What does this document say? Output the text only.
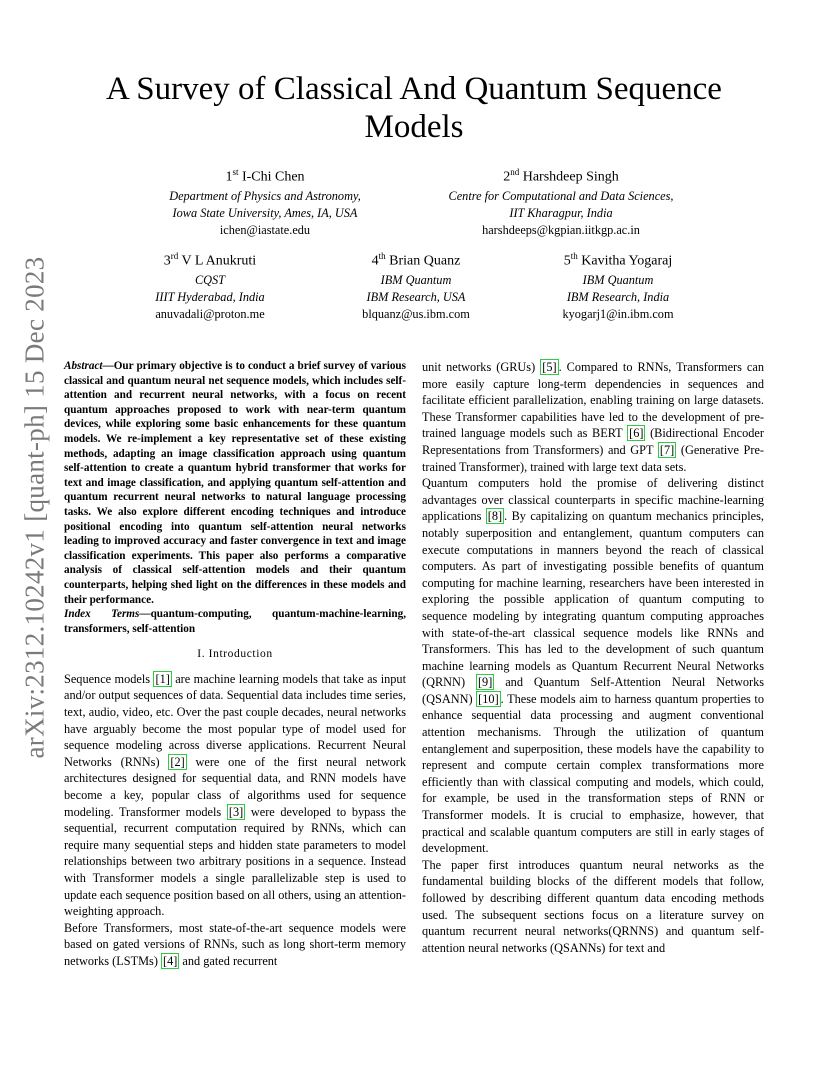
arXiv:2312.10242v1 [quant-ph] 15 Dec 2023
A Survey of Classical And Quantum Sequence Models
1st I-Chi Chen
Department of Physics and Astronomy,
Iowa State University, Ames, IA, USA
ichen@iastate.edu
2nd Harshdeep Singh
Centre for Computational and Data Sciences,
IIT Kharagpur, India
harshdeeps@kgpian.iitkgp.ac.in
3rd V L Anukruti
CQST
IIIT Hyderabad, India
anuvadali@proton.me
4th Brian Quanz
IBM Quantum
IBM Research, USA
blquanz@us.ibm.com
5th Kavitha Yogaraj
IBM Quantum
IBM Research, India
kyogarj1@in.ibm.com

Abstract—Our primary objective is to conduct a brief survey of various classical and quantum neural net sequence models, which includes self-attention and recurrent neural networks, with a focus on recent quantum approaches proposed to work with near-term quantum devices, while exploring some basic enhancements for these quantum models. We re-implement a key representative set of these existing methods, adapting an image classification approach using quantum self-attention to create a quantum hybrid transformer that works for text and image classification, and applying quantum self-attention and quantum recurrent neural networks to natural language processing tasks. We also explore different encoding techniques and introduce positional encoding into quantum self-attention neural networks leading to improved accuracy and faster convergence in text and image classification experiments. This paper also performs a comparative analysis of classical self-attention models and their quantum counterparts, helping shed light on the differences in these models and their performance.

Index Terms—quantum-computing, quantum-machine-learning, transformers, self-attention

I. Introduction

Sequence models [1] are machine learning models that take as input and/or output sequences of data. Sequential data includes time series, text, audio, video, etc. Over the past couple decades, neural networks have arguably become the most popular type of model used for sequence modeling across diverse applications. Recurrent Neural Networks (RNNs) [2] were one of the first neural network architectures designed for sequential data, and RNN models have become a key, popular class of algorithms used for sequence modeling. Transformer models [3] were developed to bypass the sequential, recurrent computation required by RNNs, which can require many sequential steps and hidden state parameters to model relationships between two arbitrary positions in a sequence. Instead with Transformer models a single parallelizable step is used to update each sequence position based on all others, using an attention-weighting approach.

Before Transformers, most state-of-the-art sequence models were based on gated versions of RNNs, such as long short-term memory networks (LSTMs) [4] and gated recurrent

unit networks (GRUs) [5] . Compared to RNNs, Transformers can more easily capture long-term dependencies in sequences and facilitate efficient parallelization, enabling training on large datasets. These Transformer capabilities have led to the development of pre-trained language models such as BERT [6] (Bidirectional Encoder Representations from Transformers) and GPT [7] (Generative Pre-trained Transformer), trained with large text data sets.

Quantum computers hold the promise of delivering distinct advantages over classical counterparts in specific machine-learning applications [8] . By capitalizing on quantum mechanics principles, notably superposition and entanglement, quantum computers can execute computations in manners beyond the reach of classical computers. As part of investigating possible benefits of quantum computing for machine learning, researchers have been interested in exploring the possible application of quantum computing to sequence modeling by integrating quantum computing approaches with state-of-the-art classical sequence models like RNNs and Transformers. This has led to the development of such quantum machine learning models as Quantum Recurrent Neural Networks (QRNN) [9] and Quantum Self-Attention Neural Networks (QSANN) [10] . These models aim to harness quantum properties to enhance sequential data processing and augment conventional attention mechanisms. Through the utilization of quantum entanglement and superposition, these models have the capability to represent and compute certain complex transformations more efficiently than with classical computing and models, which could, for example, be used in the transformation steps of RNN or Transformer models. It is crucial to emphasize, however, that practical and scalable quantum computers are still in early stages of development.

The paper first introduces quantum neural networks as the fundamental building blocks of the different models that follow, followed by describing different quantum data encoding methods used. The subsequent sections focus on a literature survey on quantum recurrent neural networks(QRNNS) and quantum self-attention neural networks (QSANNs) for text and
